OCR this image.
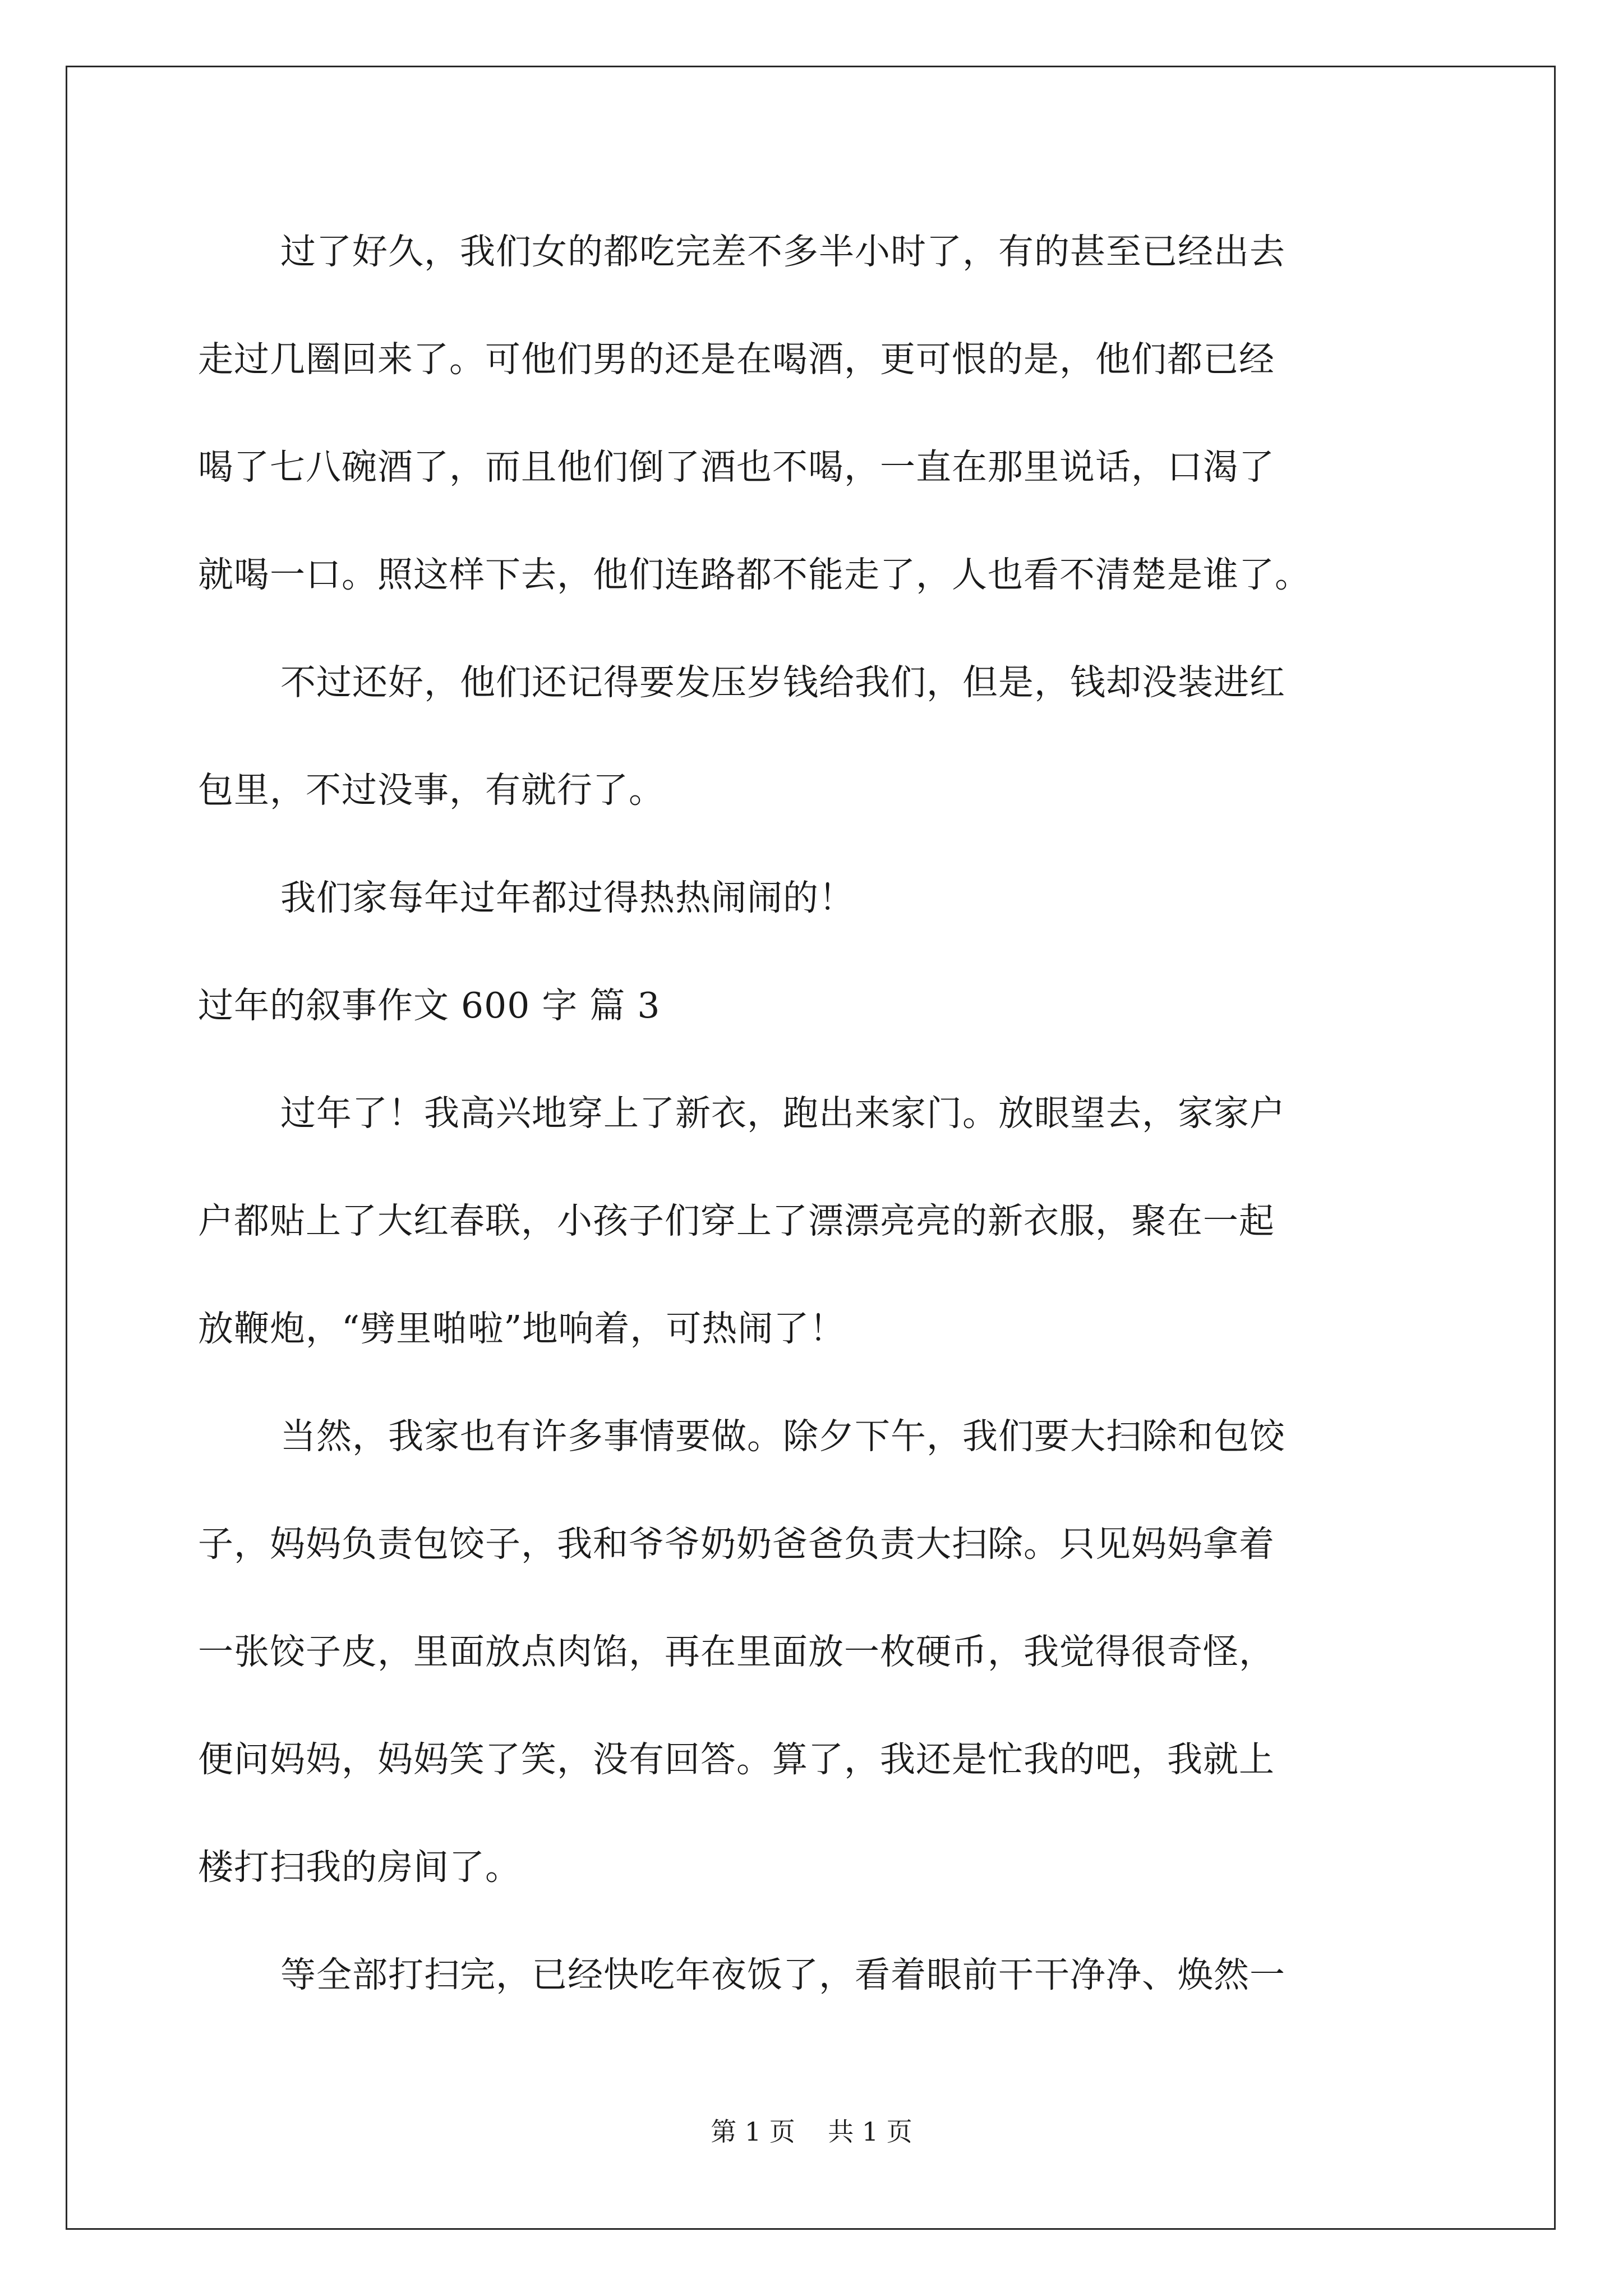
过了好久，我们女的都吃完差不多半小时了，有的甚至已经出去
走过几圈回来了。可他们男的还是在喝酒，更可恨的是，他们都已经
喝了七八碗酒了，而且他们倒了酒也不喝，一直在那里说话，口渴了
就喝一口。照这样下去，他们连路都不能走了，人也看不清楚是谁了。
不过还好，他们还记得要发压岁钱给我们，但是，钱却没装进红
包里，不过没事，有就行了。
我们家每年过年都过得热热闹闹的！
过年的叙事作文 600 字 篇 3
过年了！我高兴地穿上了新衣，跑出来家门。放眼望去，家家户
户都贴上了大红春联，小孩子们穿上了漂漂亮亮的新衣服，聚在一起
放鞭炮，“劈里啪啦”地响着，可热闹了！
当然，我家也有许多事情要做。除夕下午，我们要大扫除和包饺
子，妈妈负责包饺子，我和爷爷奶奶爸爸负责大扫除。只见妈妈拿着
一张饺子皮，里面放点肉馅，再在里面放一枚硬币，我觉得很奇怪，
便问妈妈，妈妈笑了笑，没有回答。算了，我还是忙我的吧，我就上
楼打扫我的房间了。
等全部打扫完，已经快吃年夜饭了，看着眼前干干净净、焕然一
第 1 页    共 1 页
